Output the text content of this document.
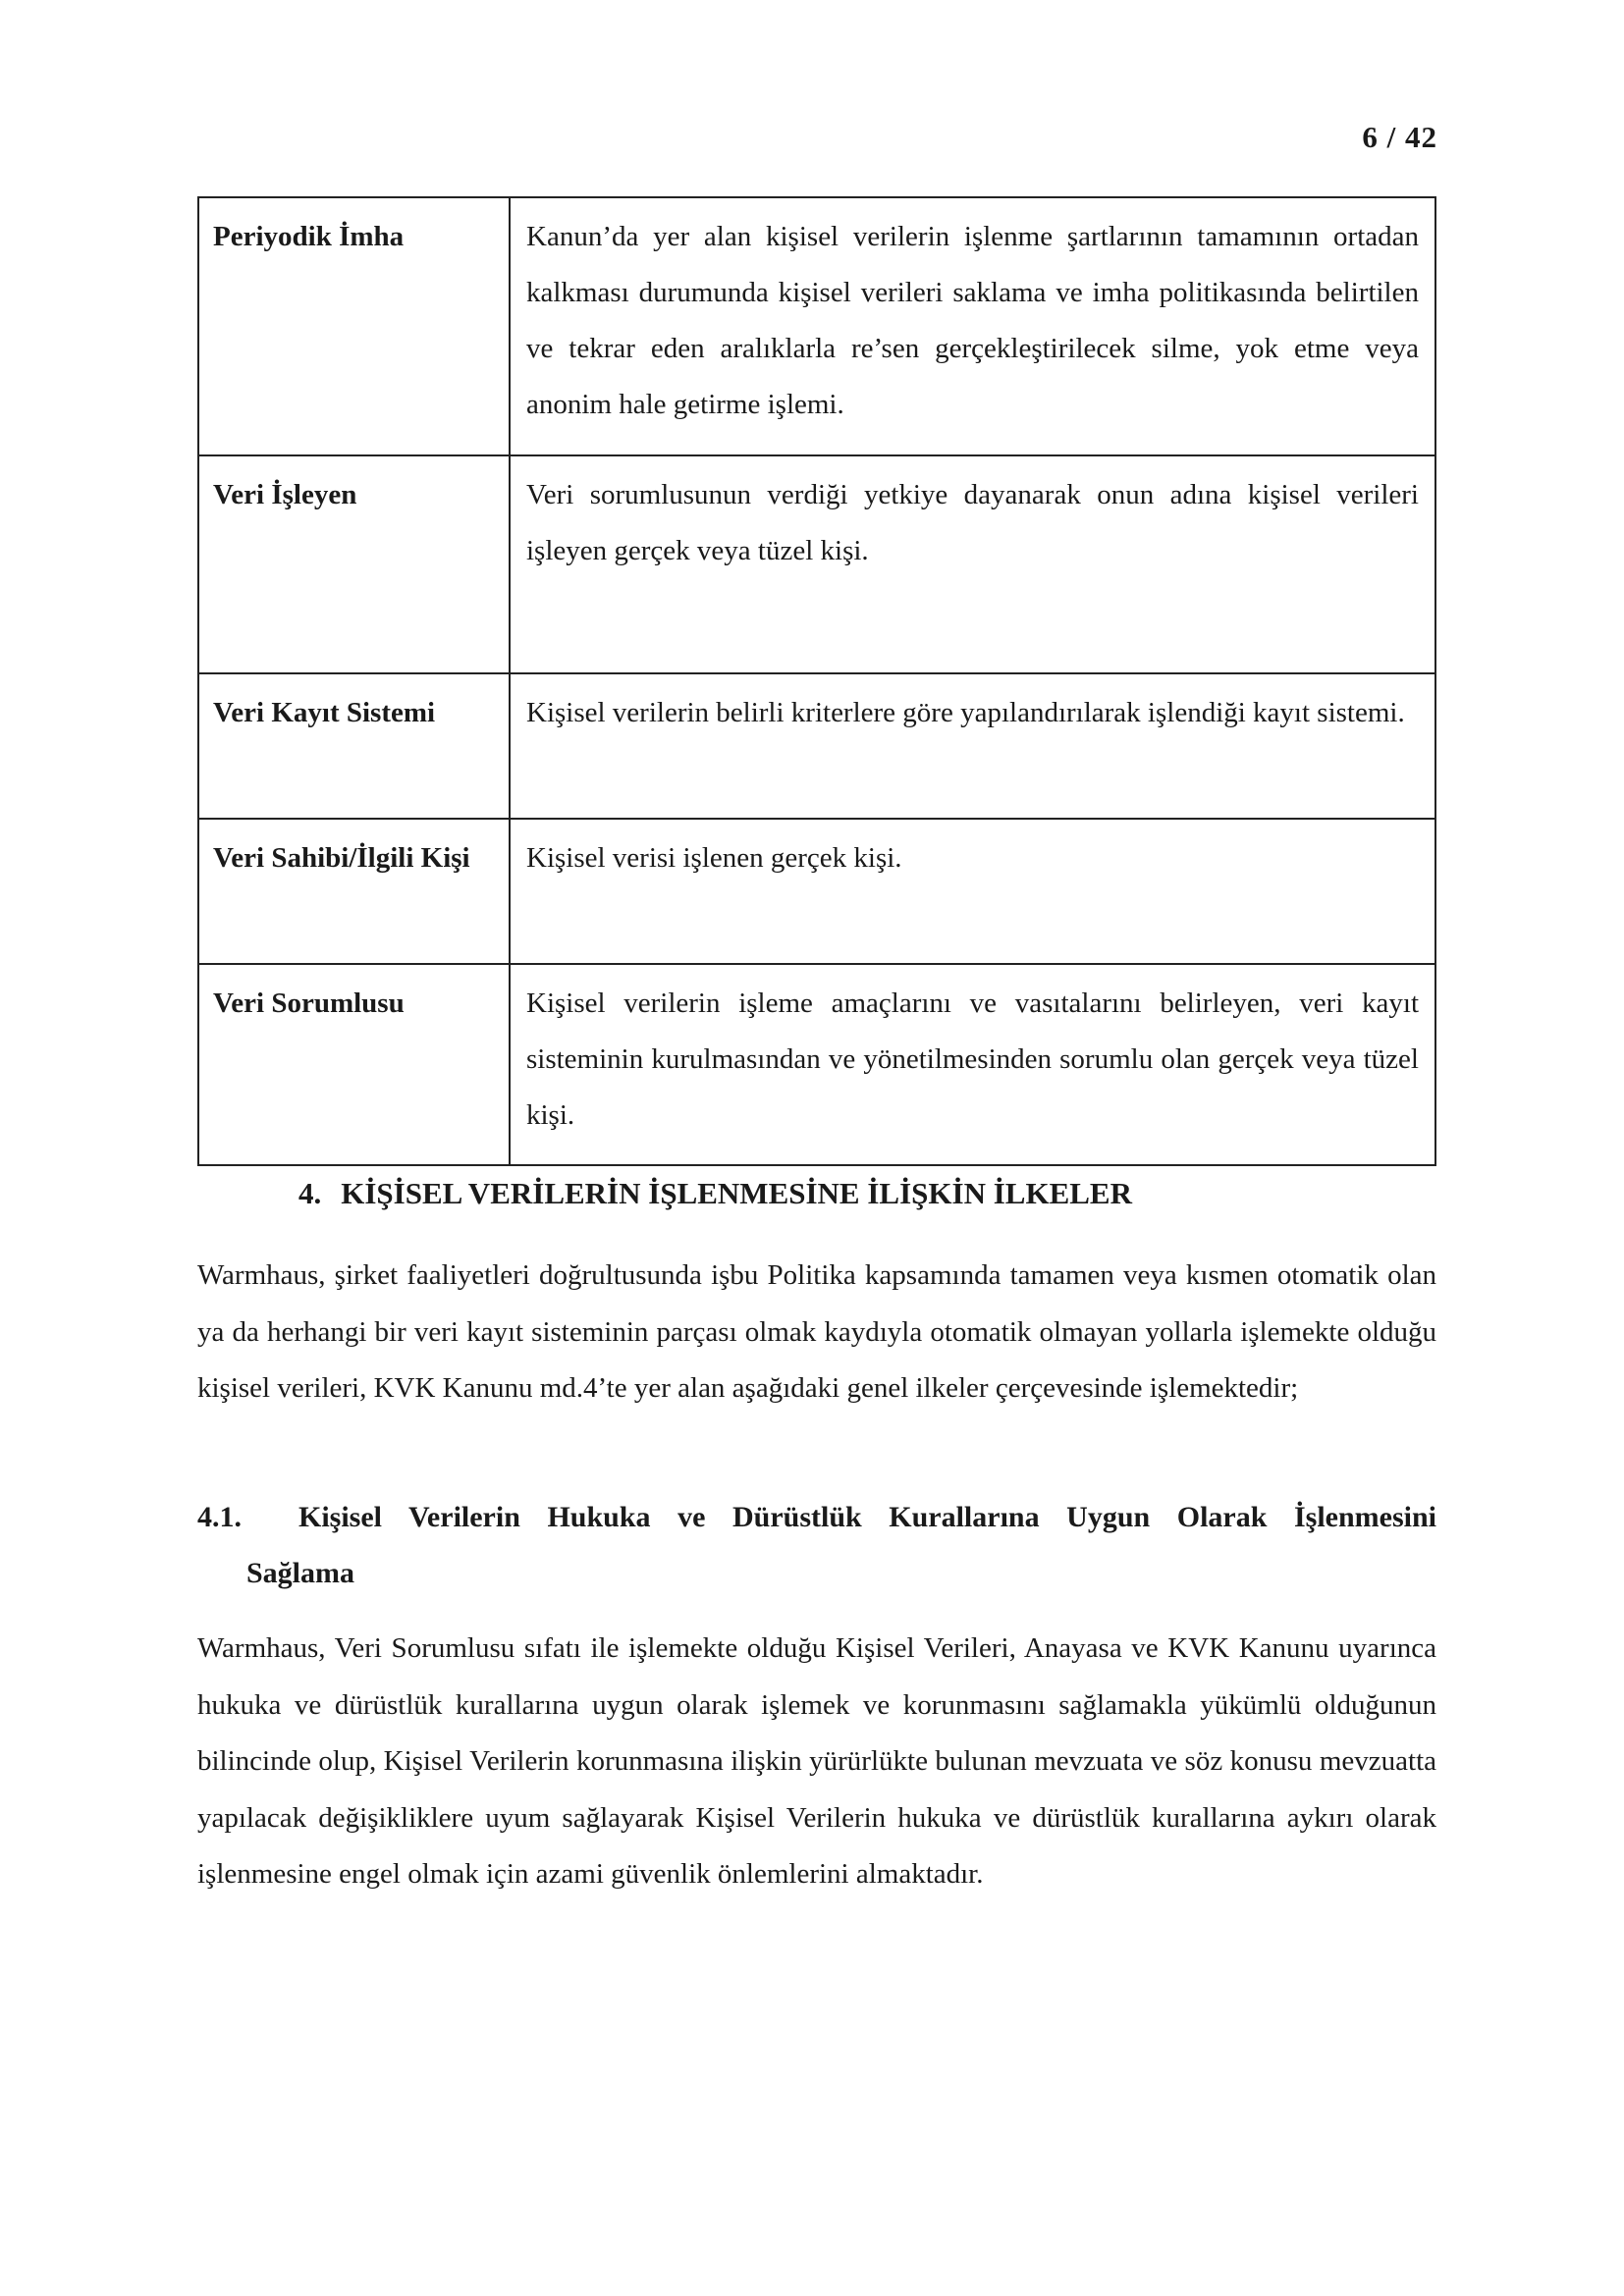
6 / 42
Periyodik İmha	Kanun’da yer alan kişisel verilerin işlenme şartlarının tamamının ortadan kalkması durumunda kişisel verileri saklama ve imha politikasında belirtilen ve tekrar eden aralıklarla re’sen gerçekleştirilecek silme, yok etme veya anonim hale getirme işlemi.
Veri İşleyen	Veri sorumlusunun verdiği yetkiye dayanarak onun adına kişisel verileri işleyen gerçek veya tüzel kişi.
Veri Kayıt Sistemi	Kişisel verilerin belirli kriterlere göre yapılandırılarak işlendiği kayıt sistemi.
Veri Sahibi/İlgili Kişi	Kişisel verisi işlenen gerçek kişi.
Veri Sorumlusu	Kişisel verilerin işleme amaçlarını ve vasıtalarını belirleyen, veri kayıt sisteminin kurulmasından ve yönetilmesinden sorumlu olan gerçek veya tüzel kişi.
4. KİŞİSEL VERİLERİN İŞLENMESİNE İLİŞKİN İLKELER

Warmhaus, şirket faaliyetleri doğrultusunda işbu Politika kapsamında tamamen veya kısmen otomatik olan ya da herhangi bir veri kayıt sisteminin parçası olmak kaydıyla otomatik olmayan yollarla işlemekte olduğu kişisel verileri, KVK Kanunu md.4’te yer alan aşağıdaki genel ilkeler çerçevesinde işlemektedir;

4.1.	Kişisel Verilerin Hukuka ve Dürüstlük Kurallarına Uygun Olarak İşlenmesini
Sağlama

Warmhaus, Veri Sorumlusu sıfatı ile işlemekte olduğu Kişisel Verileri, Anayasa ve KVK Kanunu uyarınca hukuka ve dürüstlük kurallarına uygun olarak işlemek ve korunmasını sağlamakla yükümlü olduğunun bilincinde olup, Kişisel Verilerin korunmasına ilişkin yürürlükte bulunan mevzuata ve söz konusu mevzuatta yapılacak değişikliklere uyum sağlayarak Kişisel Verilerin hukuka ve dürüstlük kurallarına aykırı olarak işlenmesine engel olmak için azami güvenlik önlemlerini almaktadır.
